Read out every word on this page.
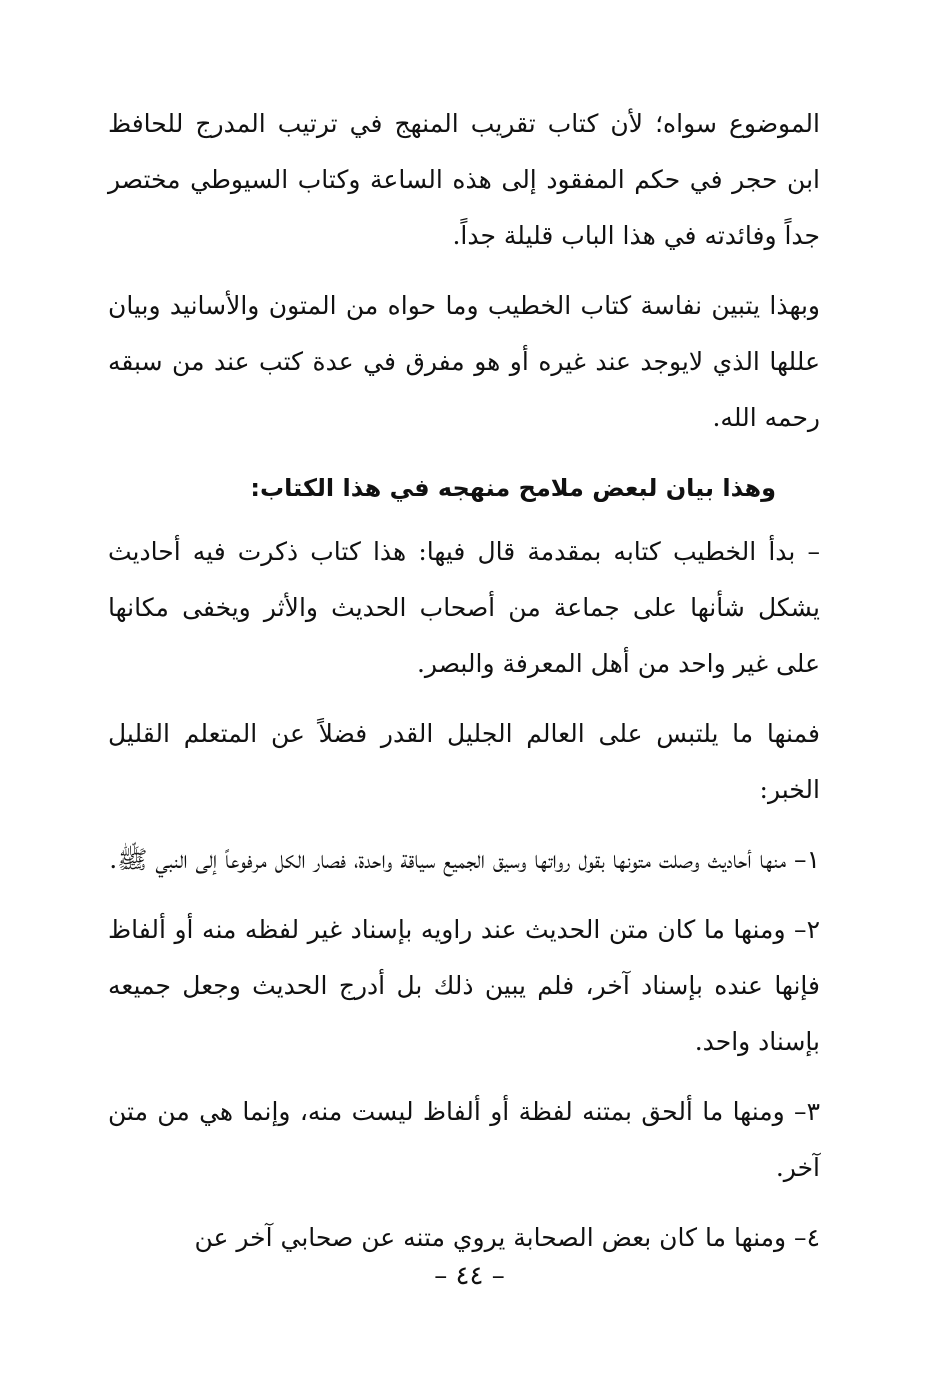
الموضوع سواه؛ لأن كتاب تقريب المنهج في ترتيب المدرج للحافظ ابن حجر في حكم المفقود إلى هذه الساعة وكتاب السيوطي مختصر جداً وفائدته في هذا الباب قليلة جداً.

وبهذا يتبين نفاسة كتاب الخطيب وما حواه من المتون والأسانيد وبيان عللها الذي لايوجد عند غيره أو هو مفرق في عدة كتب عند من سبقه رحمه الله.

وهذا بيان لبعض ملامح منهجه في هذا الكتاب:

– بدأ الخطيب كتابه بمقدمة قال فيها: هذا كتاب ذكرت فيه أحاديث يشكل شأنها على جماعة من أصحاب الحديث والأثر ويخفى مكانها على غير واحد من أهل المعرفة والبصر.

فمنها ما يلتبس على العالم الجليل القدر فضلاً عن المتعلم القليل الخبر:

١– منها أحاديث وصلت متونها بقول رواتها وسيق الجميع سياقة واحدة، فصار الكل مرفوعاً إلى النبي ﷺ.

٢– ومنها ما كان متن الحديث عند راويه بإسناد غير لفظه منه أو ألفاظ فإنها عنده بإسناد آخر، فلم يبين ذلك بل أدرج الحديث وجعل جميعه بإسناد واحد.

٣– ومنها ما ألحق بمتنه لفظة أو ألفاظ ليست منه، وإنما هي من متن آخر.

٤– ومنها ما كان بعض الصحابة يروي متنه عن صحابي آخر عن

– ٤٤ –
